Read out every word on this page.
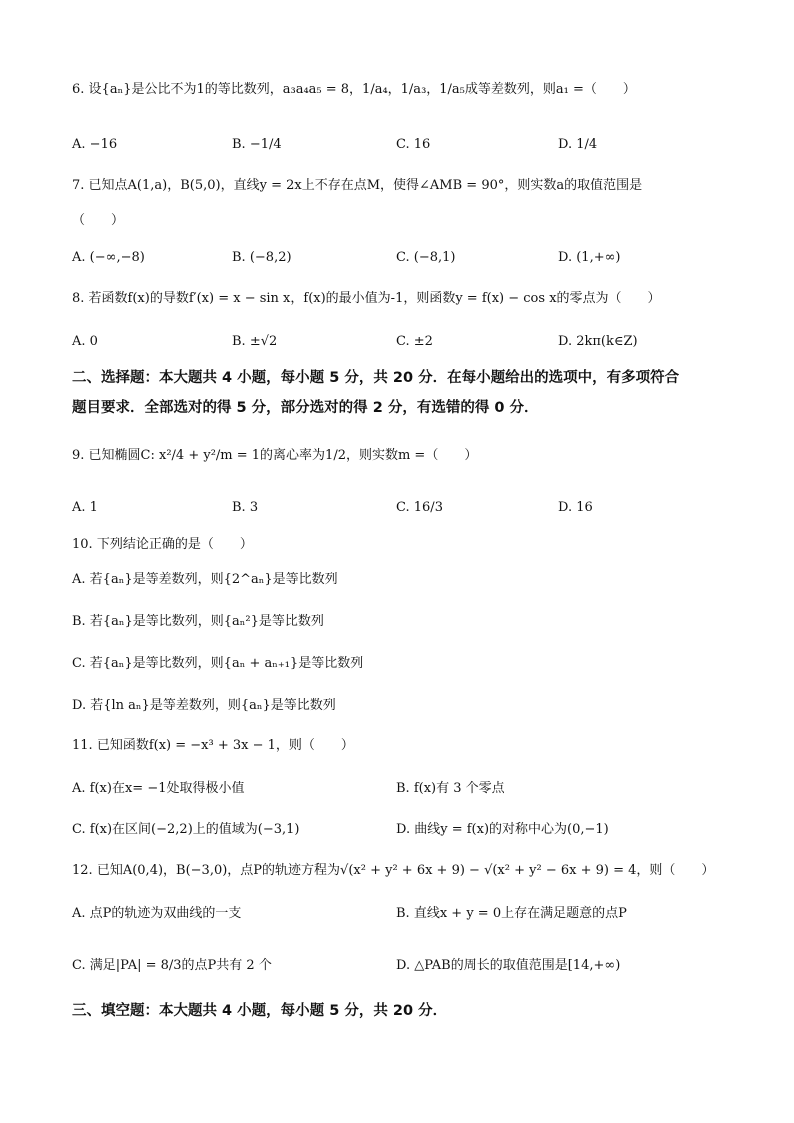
6. 设{aₙ}是公比不为1的等比数列，a₃a₄a₅ = 8，1/a₄，1/a₃，1/a₅成等差数列，则a₁ =（　　）
A. −16	B. −1/4	C. 16	D. 1/4
7. 已知点A(1,a)，B(5,0)，直线y = 2x上不存在点M，使得∠AMB = 90°，则实数a的取值范围是
（　　）
A. (−∞,−8)	B. (−8,2)	C. (−8,1)	D. (1,+∞)
8. 若函数f(x)的导数f′(x) = x − sin x，f(x)的最小值为-1，则函数y = f(x) − cos x的零点为（　　）
A. 0	B. ±√2	C. ±2	D. 2kπ(k∈Z)
二、选择题：本大题共 4 小题，每小题 5 分，共 20 分．在每小题给出的选项中，有多项符合
题目要求．全部选对的得 5 分，部分选对的得 2 分，有选错的得 0 分．
9. 已知椭圆C: x²/4 + y²/m = 1的离心率为1/2，则实数m =（　　）
A. 1	B. 3	C. 16/3	D. 16
10. 下列结论正确的是（　　）
A. 若{aₙ}是等差数列，则{2^aₙ}是等比数列
B. 若{aₙ}是等比数列，则{aₙ²}是等比数列
C. 若{aₙ}是等比数列，则{aₙ + aₙ₊₁}是等比数列
D. 若{ln aₙ}是等差数列，则{aₙ}是等比数列
11. 已知函数f(x) = −x³ + 3x − 1，则（　　）
A. f(x)在x= −1处取得极小值	B. f(x)有 3 个零点
C. f(x)在区间(−2,2)上的值域为(−3,1)	D. 曲线y = f(x)的对称中心为(0,−1)
12. 已知A(0,4)，B(−3,0)，点P的轨迹方程为√(x² + y² + 6x + 9) − √(x² + y² − 6x + 9) = 4，则（　　）
A. 点P的轨迹为双曲线的一支	B. 直线x + y = 0上存在满足题意的点P
C. 满足|PA| = 8/3的点P共有 2 个	D. △PAB的周长的取值范围是[14,+∞)
三、填空题：本大题共 4 小题，每小题 5 分，共 20 分．
